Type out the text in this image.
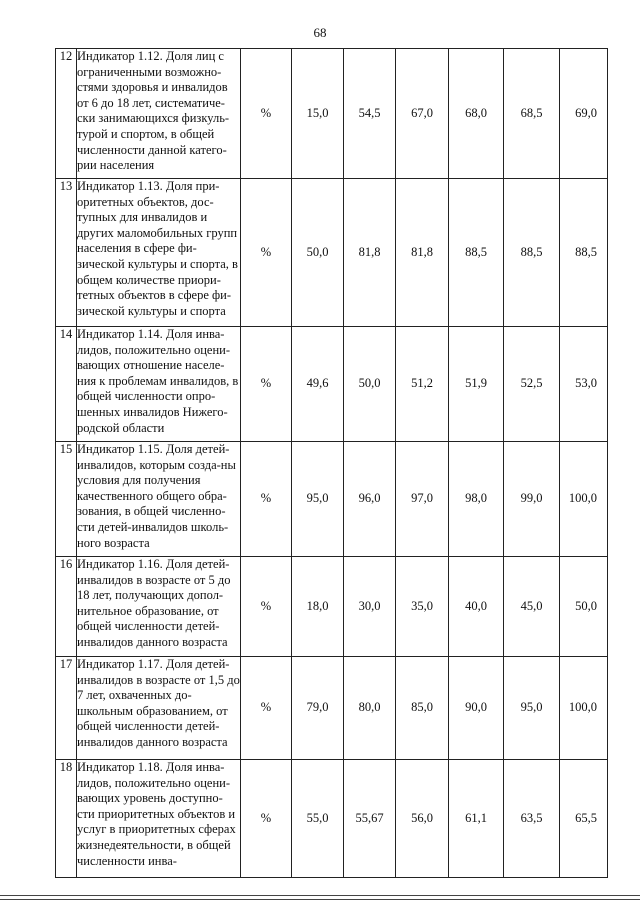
68
12	Индикатор 1.12. Доля лиц с ограниченными возможно-стями здоровья и инвалидов от 6 до 18 лет, систематиче-ски занимающихся физкуль-турой и спортом, в общей численности данной катего-рии населения	%	15,0	54,5	67,0	68,0	68,5	69,0
13	Индикатор 1.13. Доля при-оритетных объектов, дос-тупных для инвалидов и других маломобильных групп населения в сфере фи-зической культуры и спорта, в общем количестве приори-тетных объектов в сфере фи-зической культуры и спорта	%	50,0	81,8	81,8	88,5	88,5	88,5
14	Индикатор 1.14. Доля инва-лидов, положительно оцени-вающих отношение населе-ния к проблемам инвалидов, в общей численности опро-шенных инвалидов Нижего-родской области	%	49,6	50,0	51,2	51,9	52,5	53,0
15	Индикатор 1.15. Доля детей-инвалидов, которым созда-ны условия для получения качественного общего обра-зования, в общей численно-сти детей-инвалидов школь-ного возраста	%	95,0	96,0	97,0	98,0	99,0	100,0
16	Индикатор 1.16. Доля детей-инвалидов в возрасте от 5 до 18 лет, получающих допол-нительное образование, от общей численности детей-инвалидов данного возраста	%	18,0	30,0	35,0	40,0	45,0	50,0
17	Индикатор 1.17. Доля детей-инвалидов в возрасте от 1,5 до 7 лет, охваченных до-школьным образованием, от общей численности детей-инвалидов данного возраста	%	79,0	80,0	85,0	90,0	95,0	100,0
18	Индикатор 1.18. Доля инва-лидов, положительно оцени-вающих уровень доступно-сти приоритетных объектов и услуг в приоритетных сферах жизнедеятельности, в общей численности инва-	%	55,0	55,67	56,0	61,1	63,5	65,5
